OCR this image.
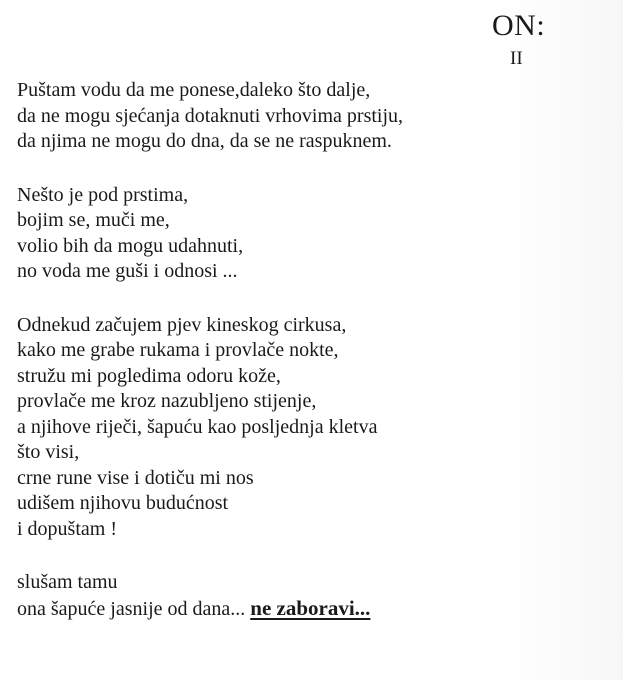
ON:
II
Puštam vodu da me ponese,daleko što dalje,
da ne mogu sjećanja dotaknuti vrhovima prstiju,
da njima ne mogu do dna, da se ne raspuknem.
Nešto je pod prstima,
bojim se, muči me,
volio bih da mogu udahnuti,
no voda me guši i odnosi ...
Odnekud začujem pjev kineskog cirkusa,
kako me grabe rukama i provlače nokte,
stružu mi pogledima odoru kože,
provlače me kroz nazubljeno stijenje,
a njihove riječi, šapuću kao posljednja kletva
što visi,
crne rune vise i dotiču mi nos
udišem njihovu budućnost
i dopuštam !
slušam tamu
ona šapuće jasnije od dana... ne zaboravi...
